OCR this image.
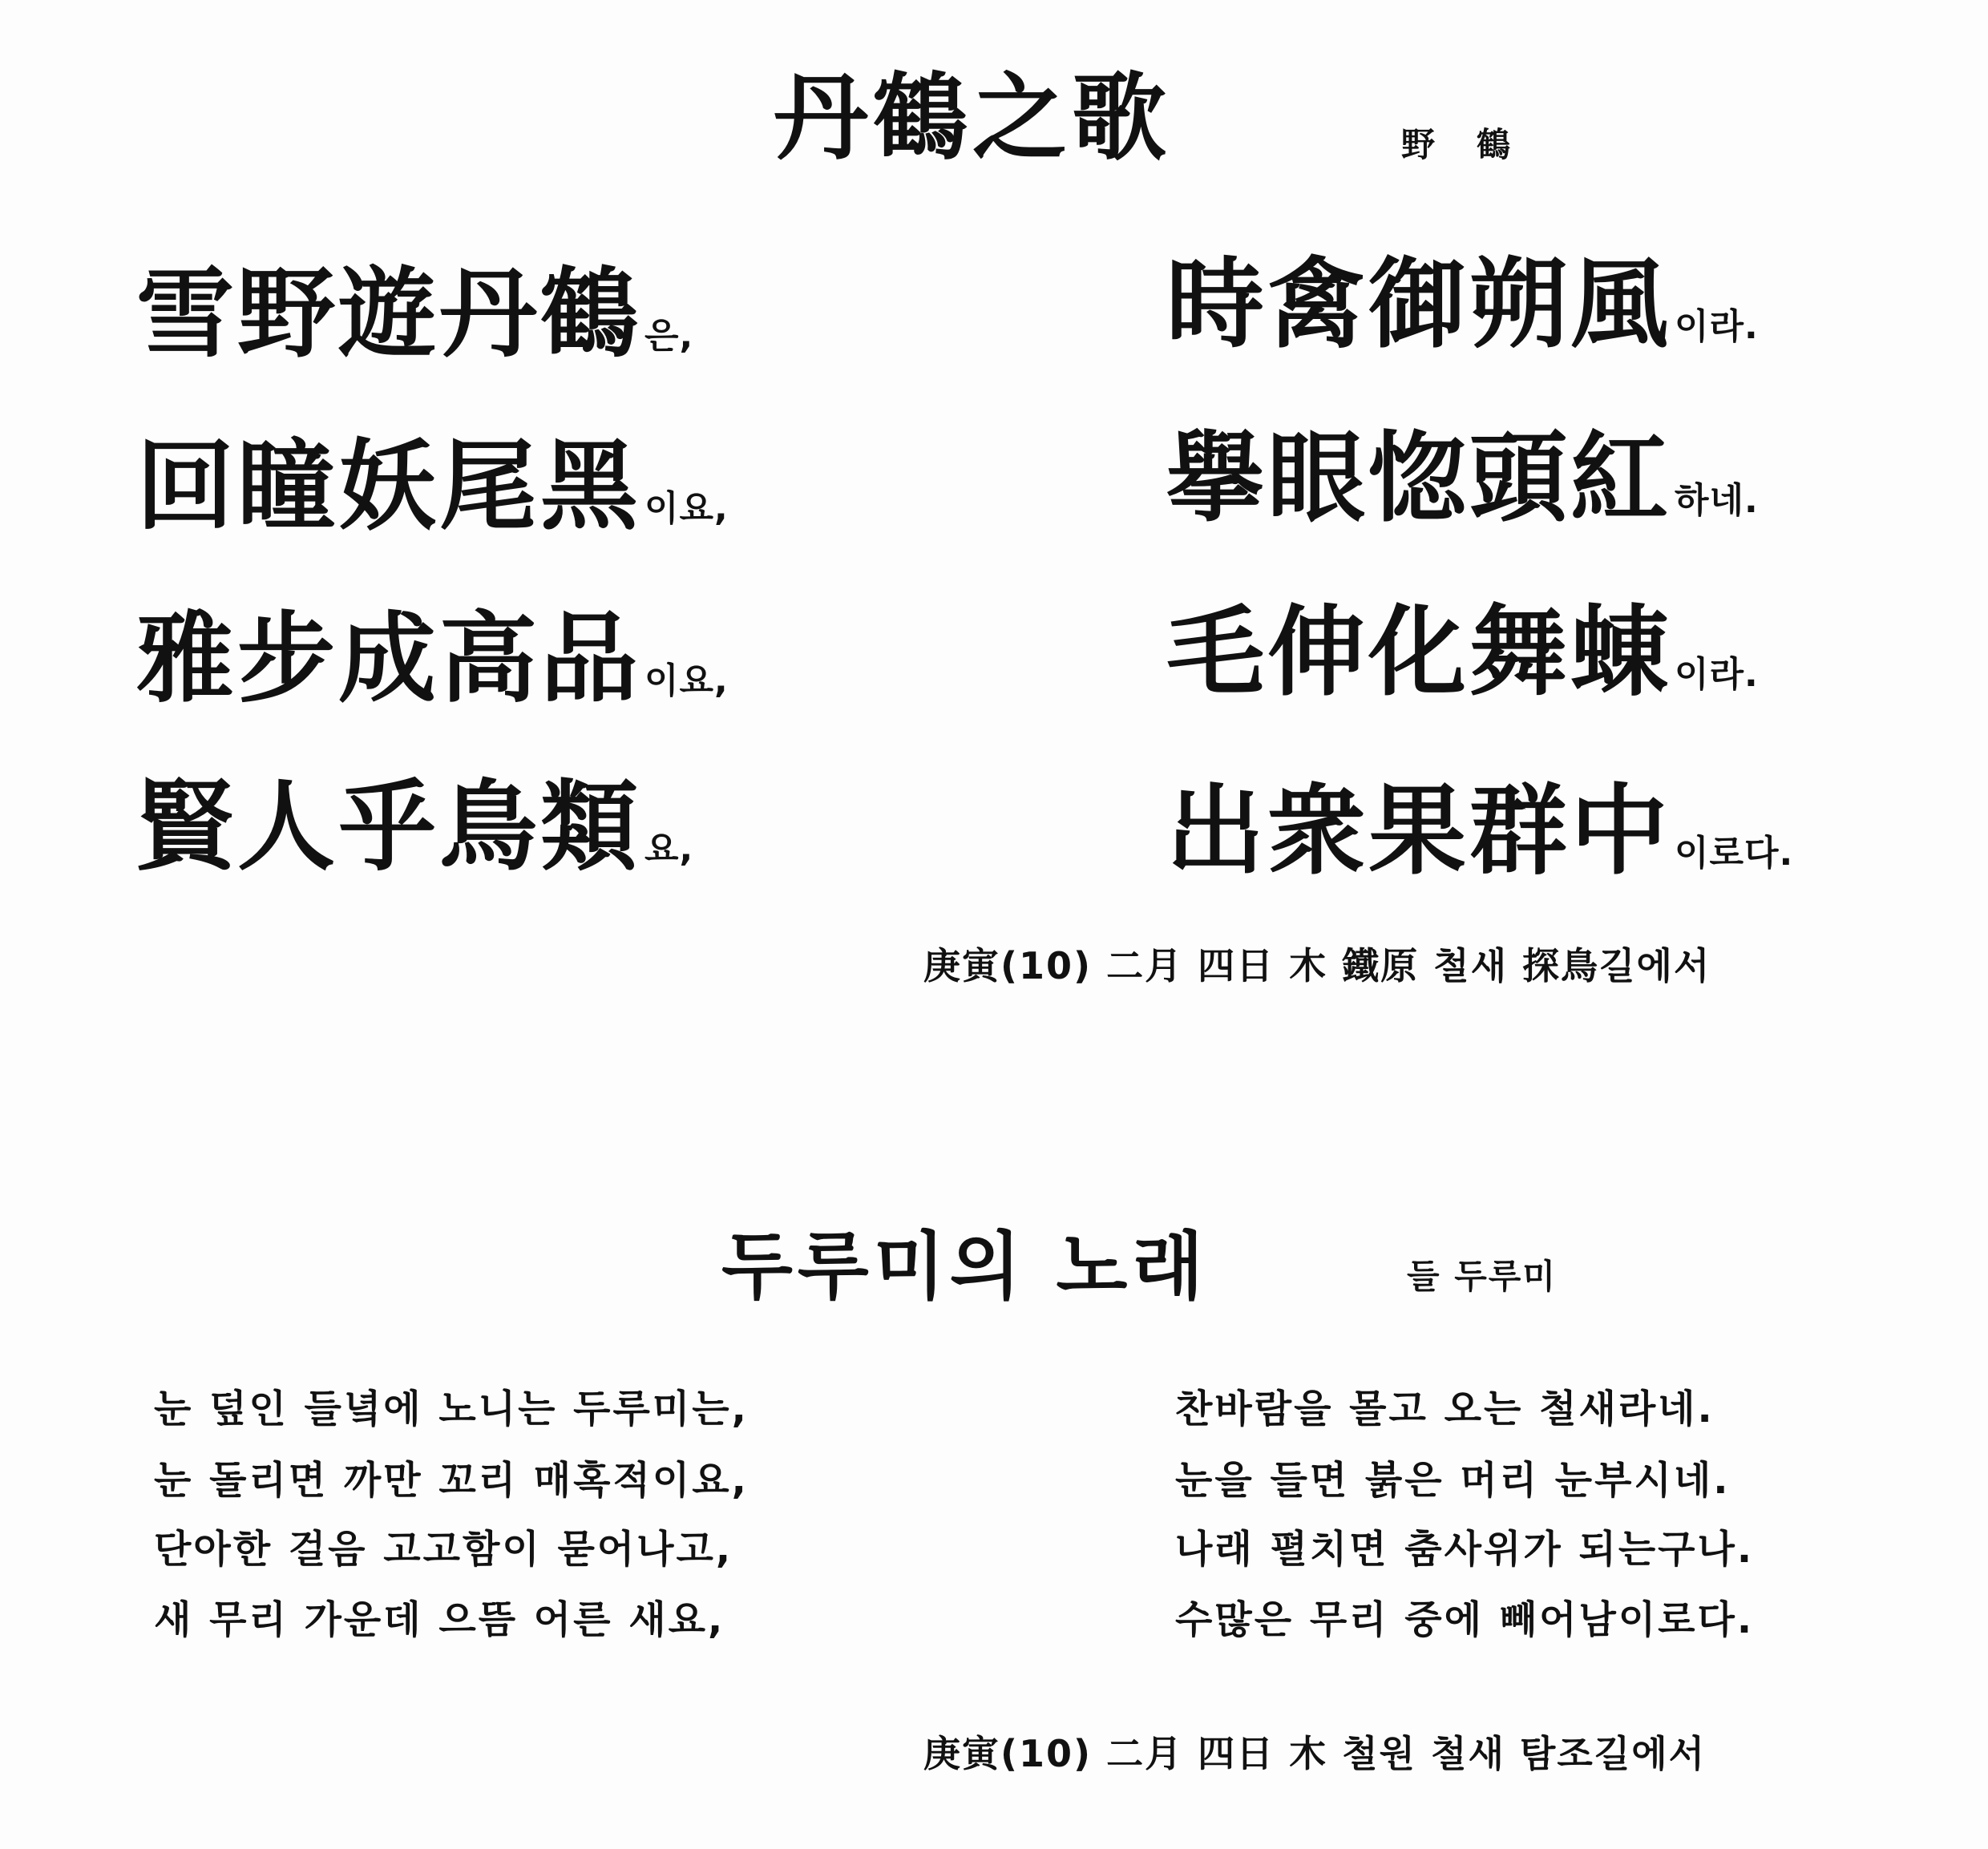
丹鶴之歌	野鶴
雪野遊丹鶴은,
回瞳妖尾黑이요,
雅步成高品이요,
賢人乎鳥類요,
時禽御朔風이라.
擧眼惚頭紅하네.
毛伸化舞蝀이라.
出衆果群中이로다.
庚寅(10) 二月 四日 木 鐵原 철새 探鳥길에서
두루미의 노래	들 두루미
눈 덮인 들녘에 노니는 두루미는,
눈 돌리면 까만 꼬리 매혹적이요,
단아한 걸음 고고함이 묻어나고,
새 무리 가운데 으뜸 어른 새요,
찬바람을 몰고 오는 철새라네.
눈을 들면 붉은 머리 눈부시네.
나래 펼치면 춤사위가 되는구나.
수많은 무리 중에 빼어남이로다.
庚寅(10) 二月 四日 木 철원 철새 탐조길에서
